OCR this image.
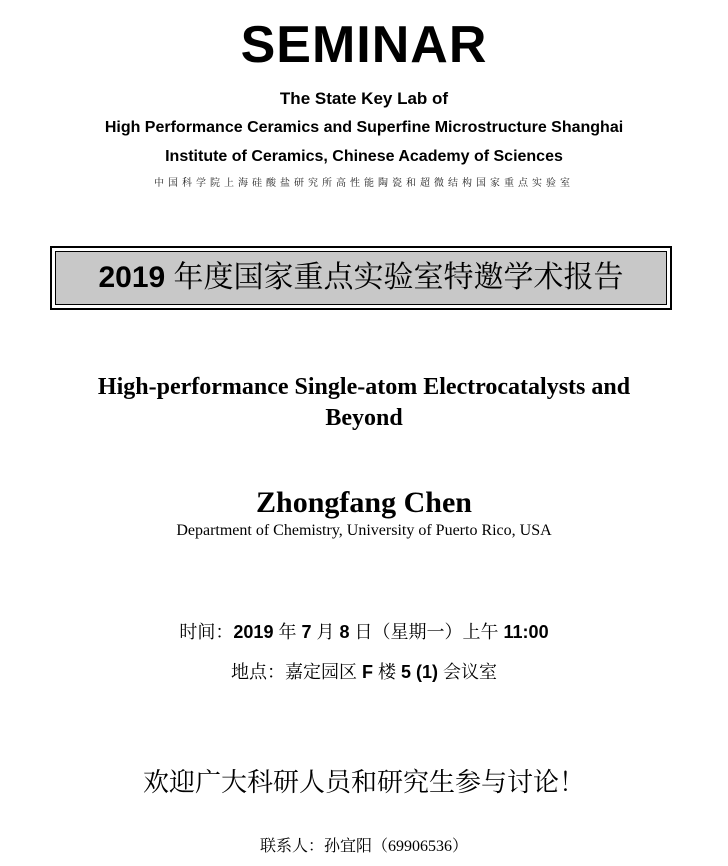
SEMINAR
The State Key Lab of
High Performance Ceramics and Superfine Microstructure Shanghai
Institute of Ceramics, Chinese Academy of Sciences
中国科学院上海硅酸盐研究所高性能陶瓷和超微结构国家重点实验室
2019 年度国家重点实验室特邀学术报告
High-performance Single-atom Electrocatalysts and
Beyond
Zhongfang Chen
Department of Chemistry, University of Puerto Rico, USA
时间：2019 年 7 月 8 日（星期一）上午 11:00
地点：嘉定园区 F 楼 5 (1) 会议室
欢迎广大科研人员和研究生参与讨论！
联系人：孙宜阳（69906536）
